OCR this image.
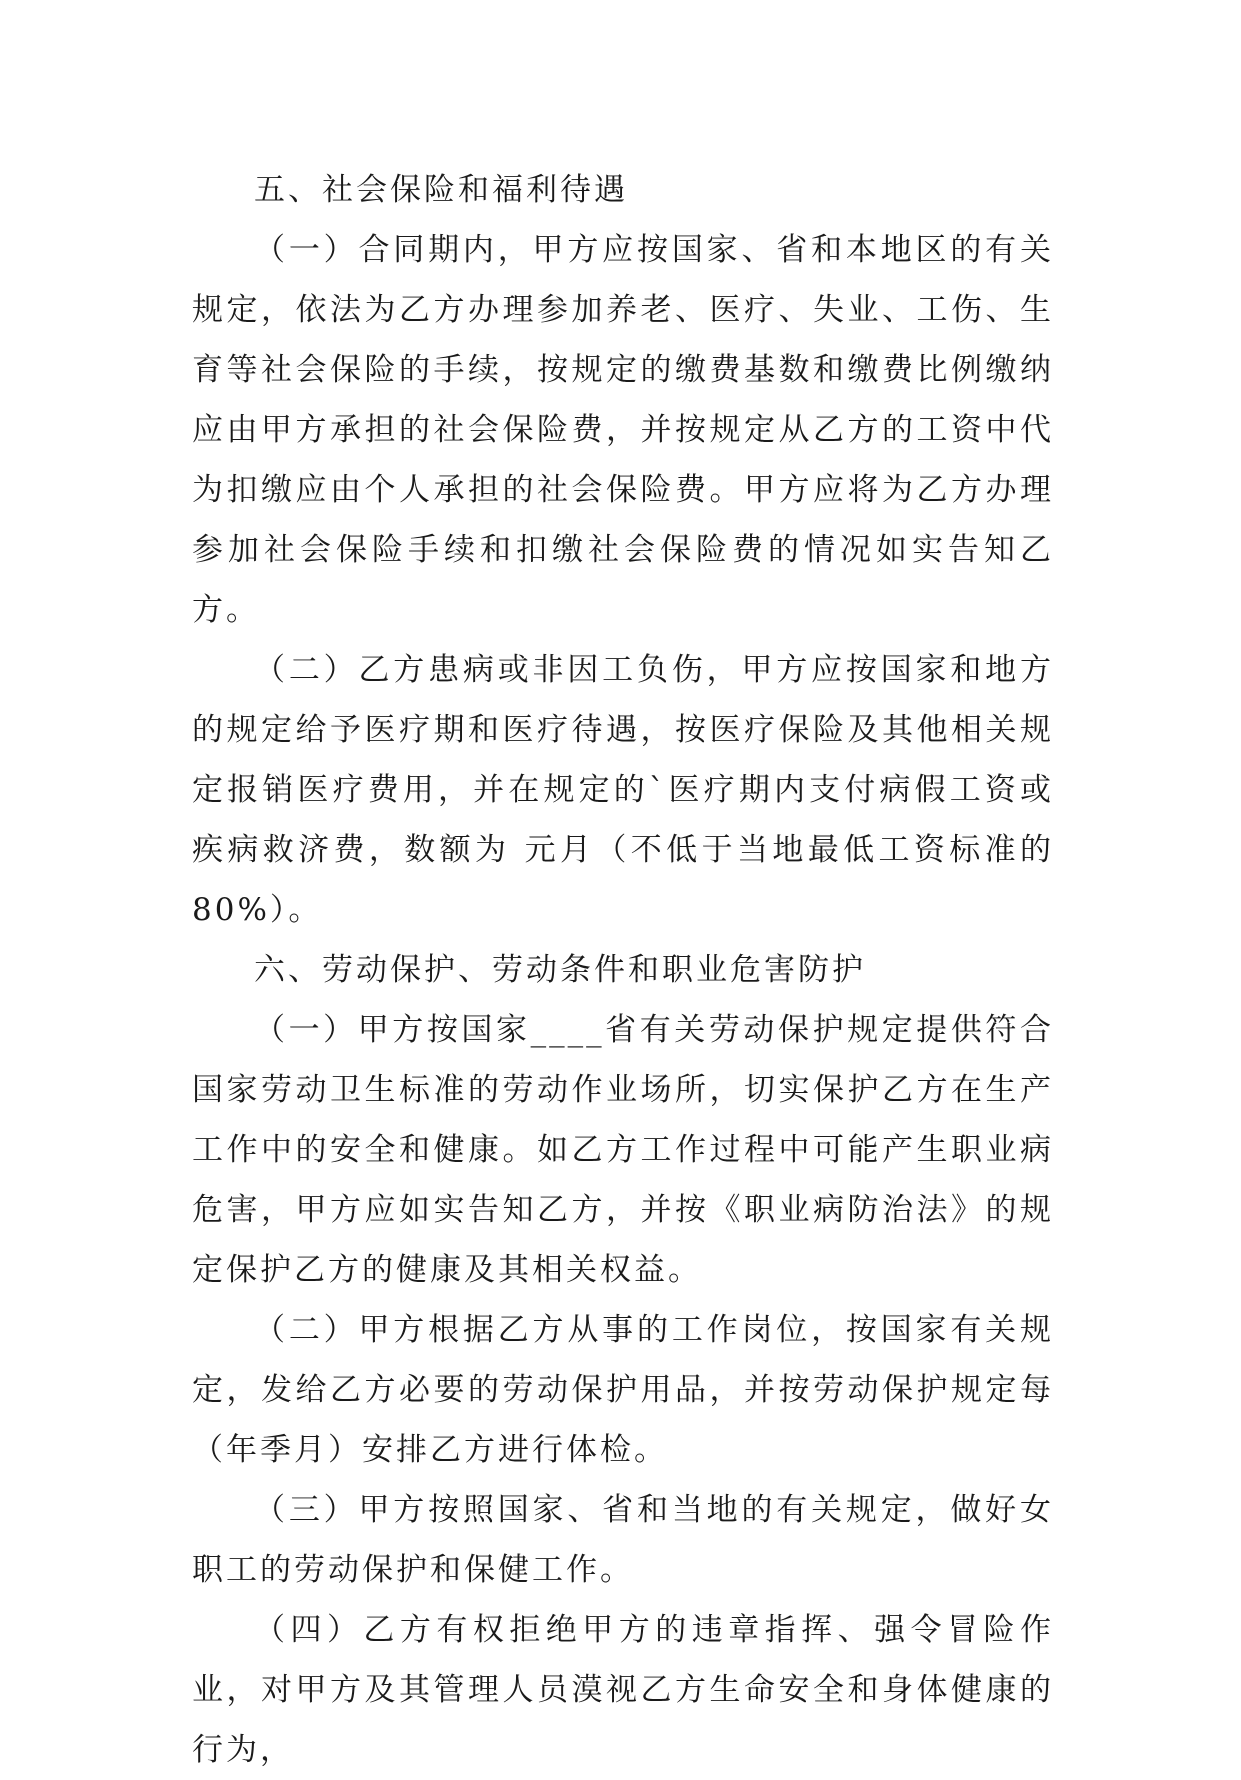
五、社会保险和福利待遇

（一）合同期内，甲方应按国家、省和本地区的有关规定，依法为乙方办理参加养老、医疗、失业、工伤、生育等社会保险的手续，按规定的缴费基数和缴费比例缴纳应由甲方承担的社会保险费，并按规定从乙方的工资中代为扣缴应由个人承担的社会保险费。甲方应将为乙方办理参加社会保险手续和扣缴社会保险费的情况如实告知乙方。

（二）乙方患病或非因工负伤，甲方应按国家和地方的规定给予医疗期和医疗待遇，按医疗保险及其他相关规定报销医疗费用，并在规定的`医疗期内支付病假工资或疾病救济费，数额为 元月（不低于当地最低工资标准的80%）。

六、劳动保护、劳动条件和职业危害防护

（一）甲方按国家____省有关劳动保护规定提供符合国家劳动卫生标准的劳动作业场所，切实保护乙方在生产工作中的安全和健康。如乙方工作过程中可能产生职业病危害，甲方应如实告知乙方，并按《职业病防治法》的规定保护乙方的健康及其相关权益。

（二）甲方根据乙方从事的工作岗位，按国家有关规定，发给乙方必要的劳动保护用品，并按劳动保护规定每 （年季月）安排乙方进行体检。

（三）甲方按照国家、省和当地的有关规定，做好女职工的劳动保护和保健工作。

（四）乙方有权拒绝甲方的违章指挥、强令冒险作业，对甲方及其管理人员漠视乙方生命安全和身体健康的行为，
